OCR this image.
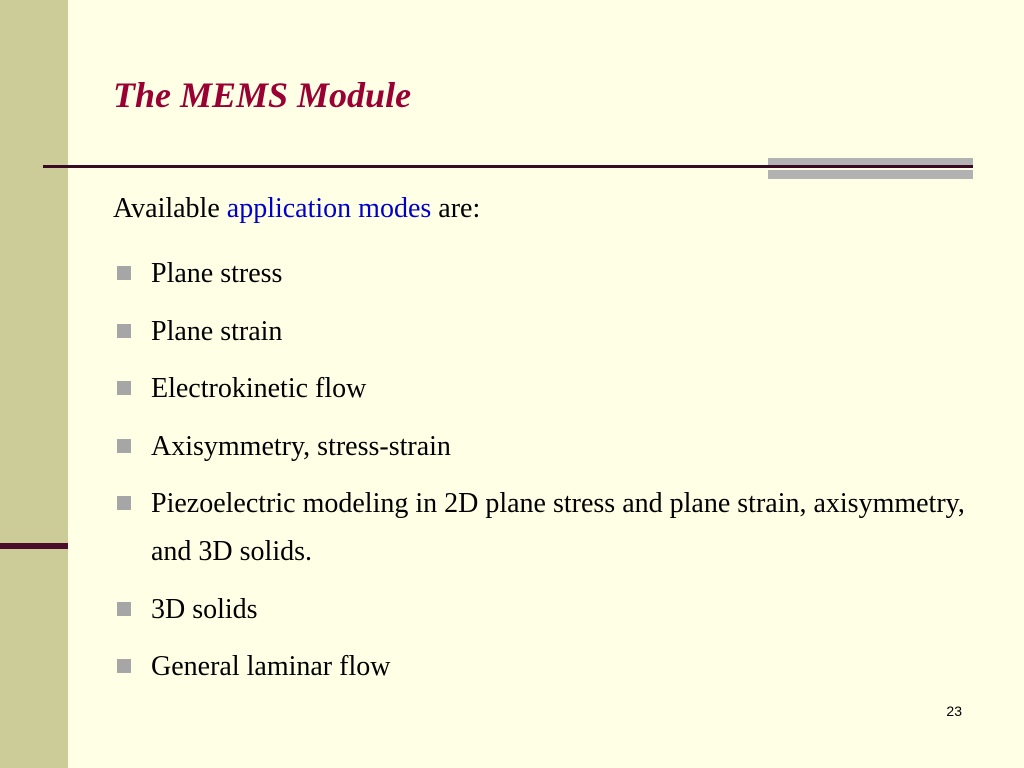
The MEMS Module
Available application modes are:
Plane stress
Plane strain
Electrokinetic flow
Axisymmetry, stress-strain
Piezoelectric modeling in 2D plane stress and plane strain, axisymmetry, and 3D solids.
3D solids
General laminar flow
23
